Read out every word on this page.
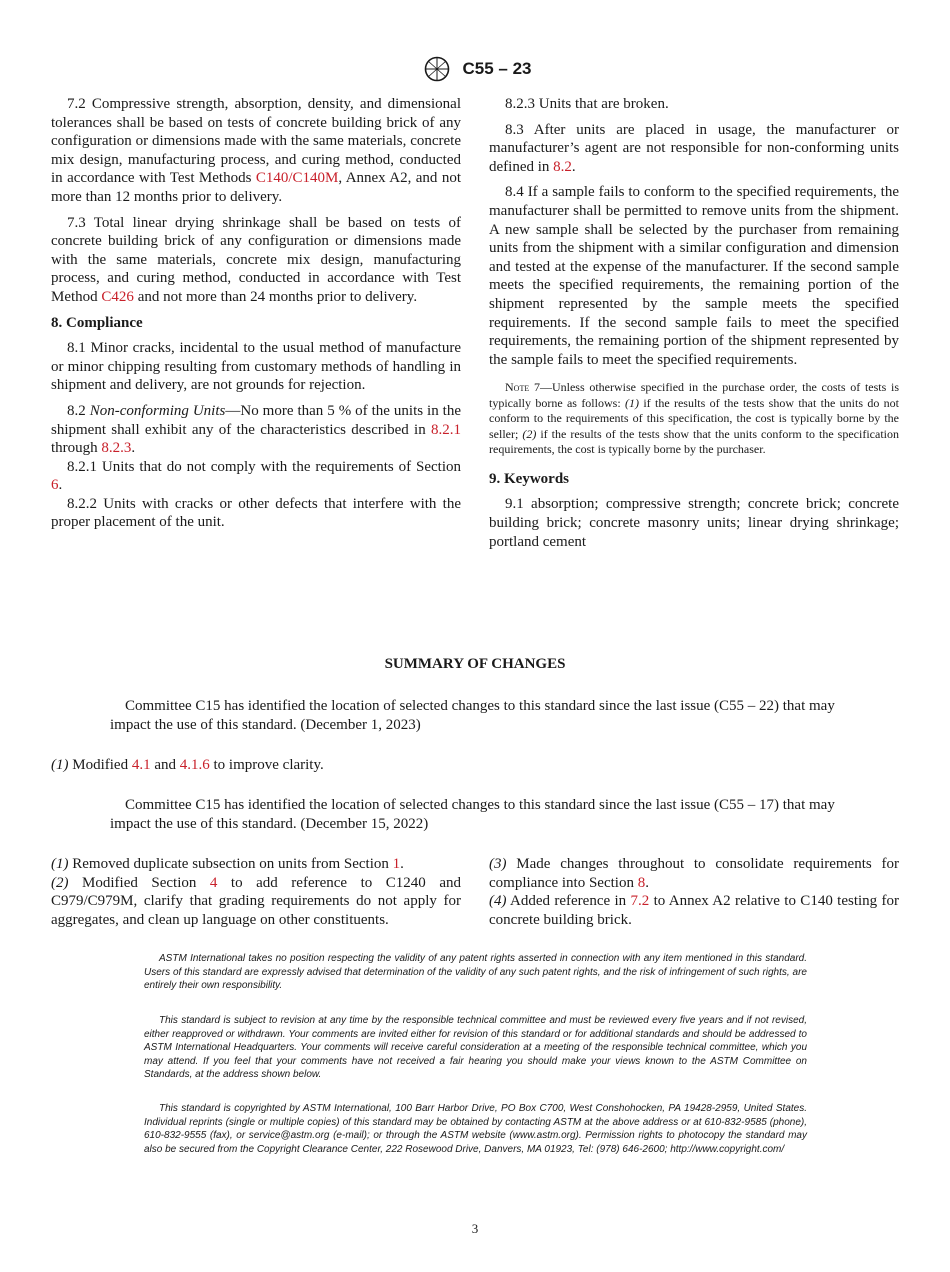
C55 – 23

7.2 Compressive strength, absorption, density, and dimensional tolerances shall be based on tests of concrete building brick of any configuration or dimensions made with the same materials, concrete mix design, manufacturing process, and curing method, conducted in accordance with Test Methods C140/C140M, Annex A2, and not more than 12 months prior to delivery.

7.3 Total linear drying shrinkage shall be based on tests of concrete building brick of any configuration or dimensions made with the same materials, concrete mix design, manufacturing process, and curing method, conducted in accordance with Test Method C426 and not more than 24 months prior to delivery.

8. Compliance

8.1 Minor cracks, incidental to the usual method of manufacture or minor chipping resulting from customary methods of handling in shipment and delivery, are not grounds for rejection.

8.2 Non-conforming Units—No more than 5 % of the units in the shipment shall exhibit any of the characteristics described in 8.2.1 through 8.2.3.

8.2.1 Units that do not comply with the requirements of Section 6.

8.2.2 Units with cracks or other defects that interfere with the proper placement of the unit.

8.2.3 Units that are broken.

8.3 After units are placed in usage, the manufacturer or manufacturer’s agent are not responsible for non-conforming units defined in 8.2.

8.4 If a sample fails to conform to the specified requirements, the manufacturer shall be permitted to remove units from the shipment. A new sample shall be selected by the purchaser from remaining units from the shipment with a similar configuration and dimension and tested at the expense of the manufacturer. If the second sample meets the specified requirements, the remaining portion of the shipment represented by the sample meets the specified requirements. If the second sample fails to meet the specified requirements, the remaining portion of the shipment represented by the sample fails to meet the specified requirements.

Note 7—Unless otherwise specified in the purchase order, the costs of tests is typically borne as follows: (1) if the results of the tests show that the units do not conform to the requirements of this specification, the cost is typically borne by the seller; (2) if the results of the tests show that the units conform to the specification requirements, the cost is typically borne by the purchaser.

9. Keywords

9.1 absorption; compressive strength; concrete brick; concrete building brick; concrete masonry units; linear drying shrinkage; portland cement

SUMMARY OF CHANGES
Committee C15 has identified the location of selected changes to this standard since the last issue (C55 – 22) that may impact the use of this standard. (December 1, 2023)
(1) Modified 4.1 and 4.1.6 to improve clarity.
Committee C15 has identified the location of selected changes to this standard since the last issue (C55 – 17) that may impact the use of this standard. (December 15, 2022)
(1) Removed duplicate subsection on units from Section 1.
(2) Modified Section 4 to add reference to C1240 and C979/C979M, clarify that grading requirements do not apply for aggregates, and clean up language on other constituents.
(3) Made changes throughout to consolidate requirements for compliance into Section 8.
(4) Added reference in 7.2 to Annex A2 relative to C140 testing for concrete building brick.
ASTM International takes no position respecting the validity of any patent rights asserted in connection with any item mentioned in this standard. Users of this standard are expressly advised that determination of the validity of any such patent rights, and the risk of infringement of such rights, are entirely their own responsibility.
This standard is subject to revision at any time by the responsible technical committee and must be reviewed every five years and if not revised, either reapproved or withdrawn. Your comments are invited either for revision of this standard or for additional standards and should be addressed to ASTM International Headquarters. Your comments will receive careful consideration at a meeting of the responsible technical committee, which you may attend. If you feel that your comments have not received a fair hearing you should make your views known to the ASTM Committee on Standards, at the address shown below.
This standard is copyrighted by ASTM International, 100 Barr Harbor Drive, PO Box C700, West Conshohocken, PA 19428-2959, United States. Individual reprints (single or multiple copies) of this standard may be obtained by contacting ASTM at the above address or at 610-832-9585 (phone), 610-832-9555 (fax), or service@astm.org (e-mail); or through the ASTM website (www.astm.org). Permission rights to photocopy the standard may also be secured from the Copyright Clearance Center, 222 Rosewood Drive, Danvers, MA 01923, Tel: (978) 646-2600; http://www.copyright.com/
3
